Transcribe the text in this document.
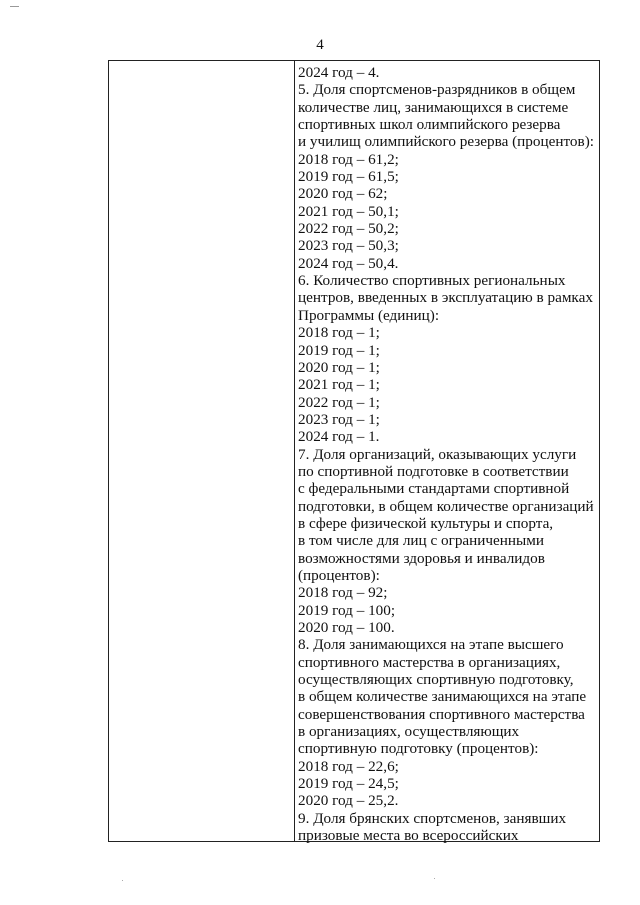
4
2024 год – 4.
5. Доля спортсменов-разрядников в общем
количестве лиц, занимающихся в системе
спортивных школ олимпийского резерва
и училищ олимпийского резерва (процентов):
2018 год – 61,2;
2019 год – 61,5;
2020 год – 62;
2021 год – 50,1;
2022 год – 50,2;
2023 год – 50,3;
2024 год – 50,4.
6. Количество спортивных региональных
центров, введенных в эксплуатацию в рамках
Программы (единиц):
2018 год – 1;
2019 год – 1;
2020 год – 1;
2021 год – 1;
2022 год – 1;
2023 год – 1;
2024 год – 1.
7. Доля организаций, оказывающих услуги
по спортивной подготовке в соответствии
с федеральными стандартами спортивной
подготовки, в общем количестве организаций
в сфере физической культуры и спорта,
в том числе для лиц с ограниченными
возможностями здоровья и инвалидов
(процентов):
2018 год – 92;
2019 год – 100;
2020 год – 100.
8. Доля занимающихся на этапе высшего
спортивного мастерства в организациях,
осуществляющих спортивную подготовку,
в общем количестве занимающихся на этапе
совершенствования спортивного мастерства
в организациях, осуществляющих
спортивную подготовку (процентов):
2018 год – 22,6;
2019 год – 24,5;
2020 год – 25,2.
9. Доля брянских спортсменов, занявших
призовые места во всероссийских
